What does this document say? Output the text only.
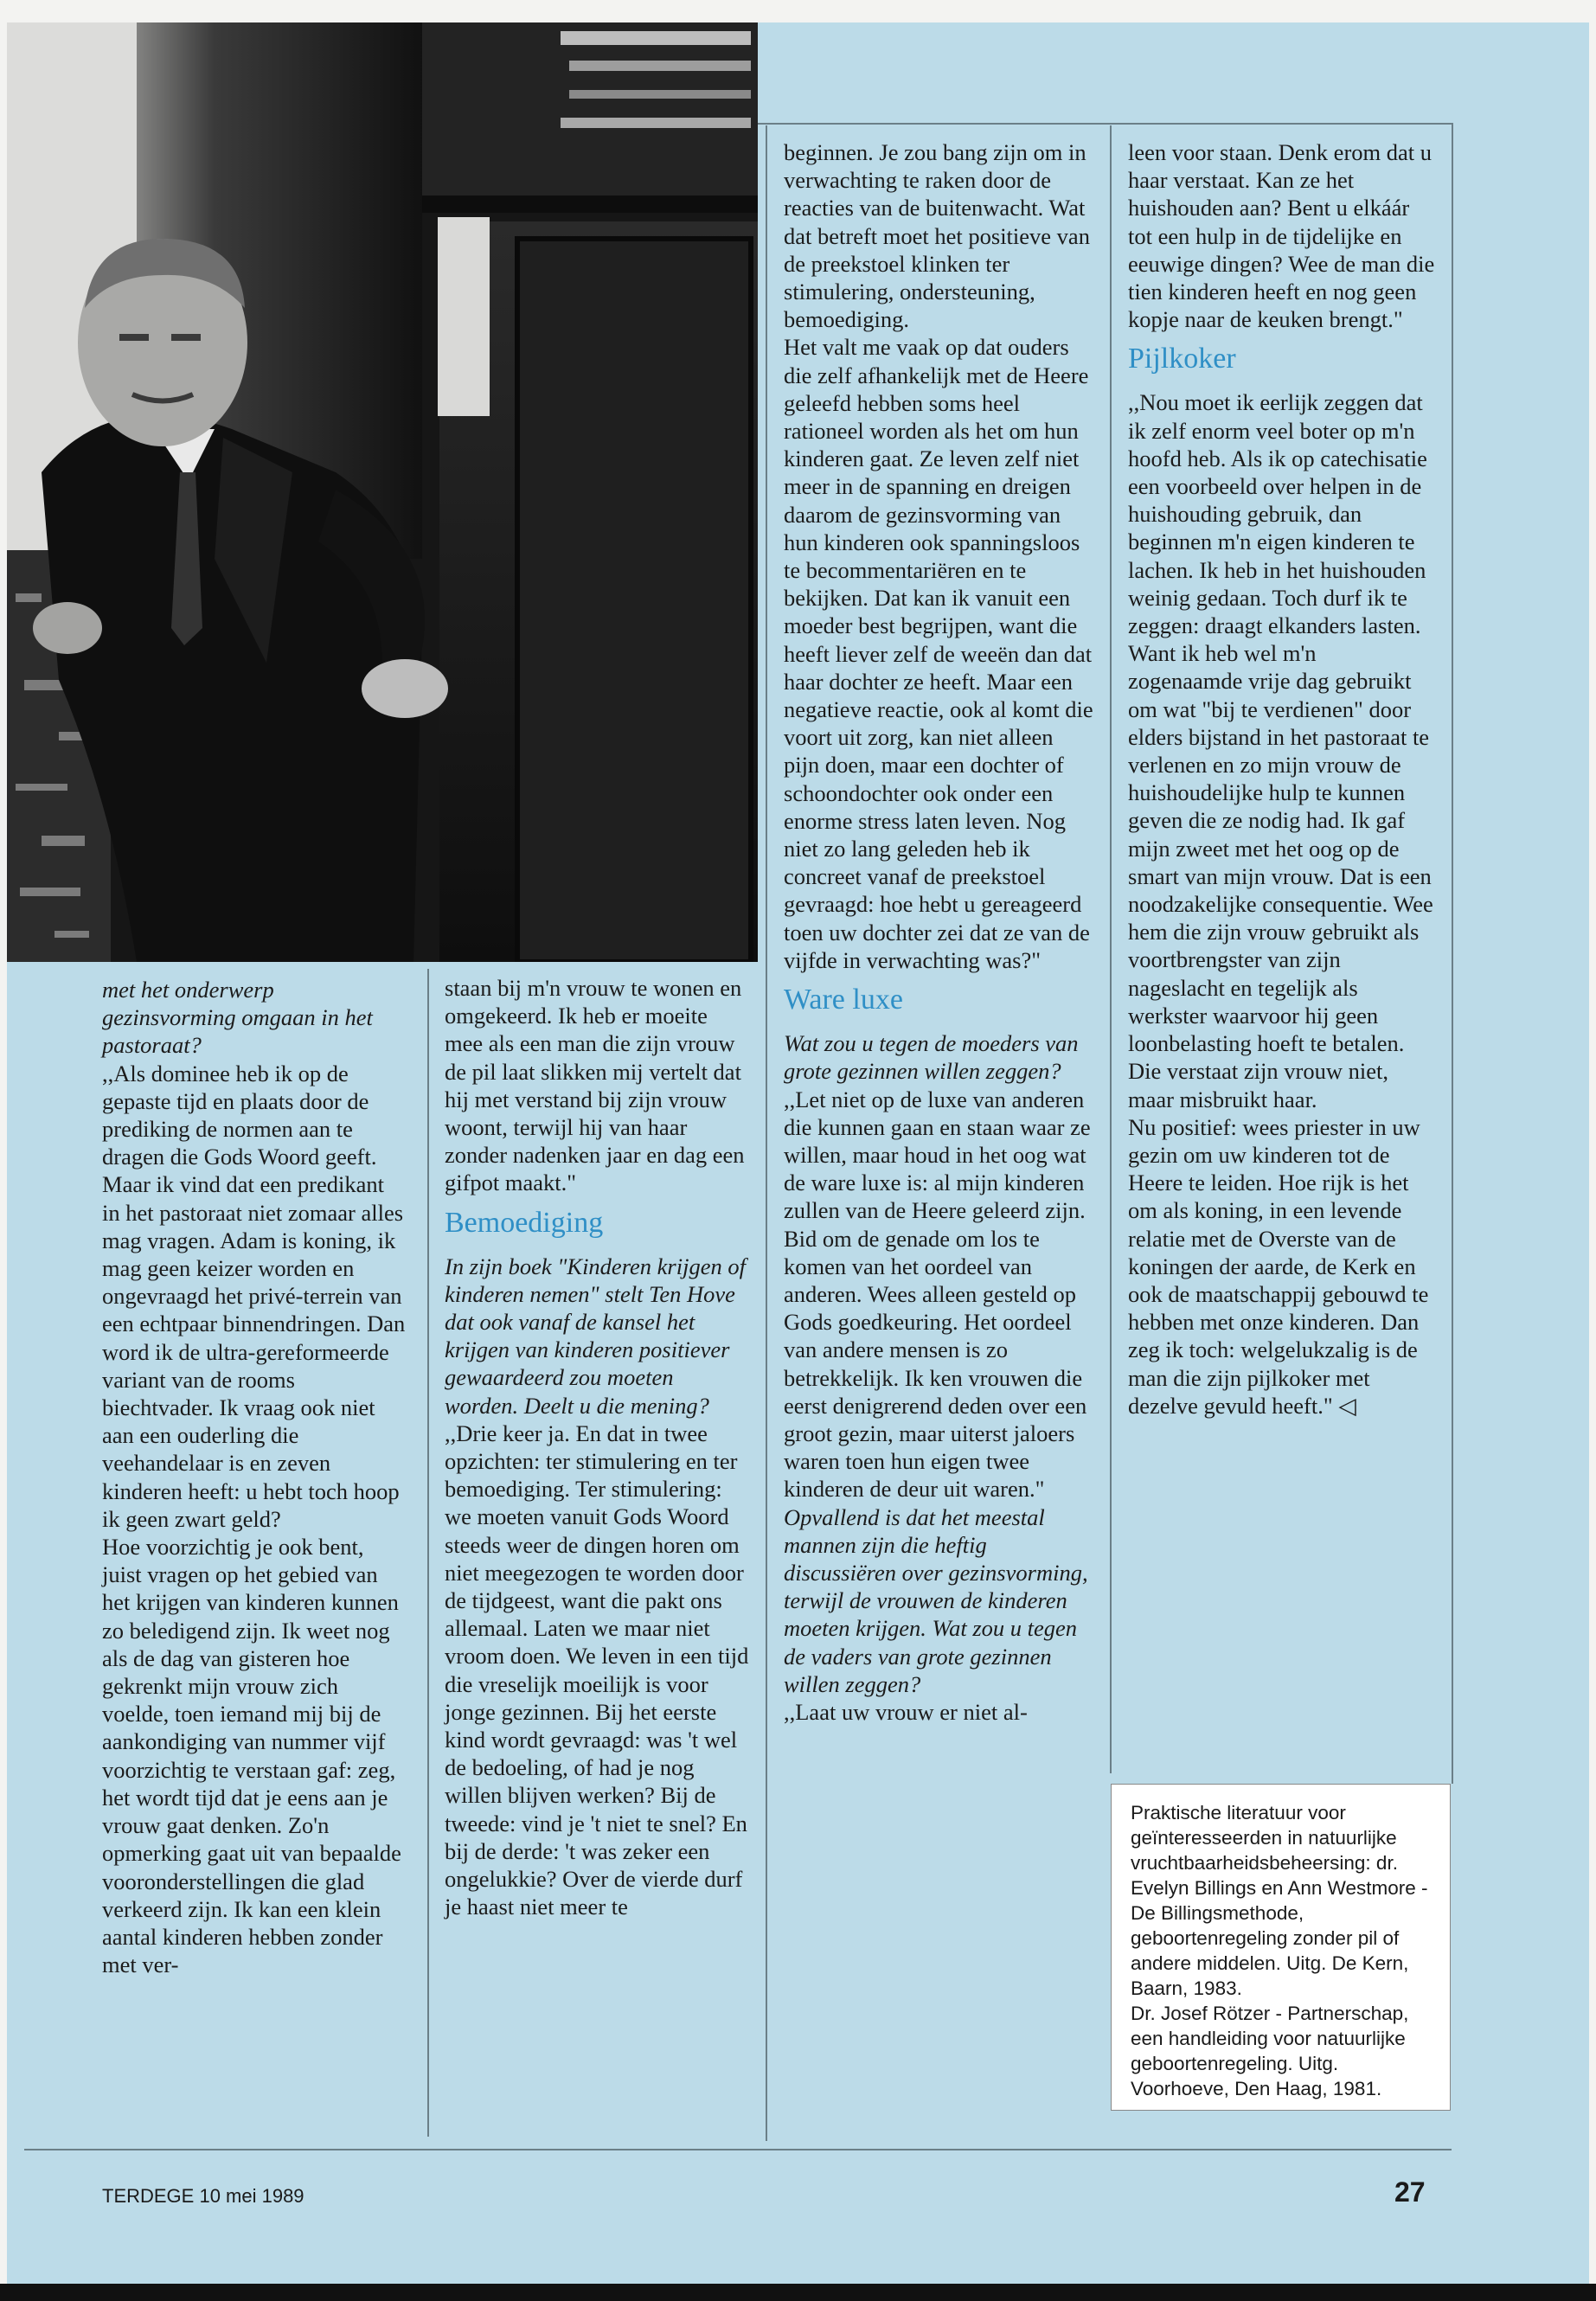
met het onderwerp gezinsvorming omgaan in het pastoraat?

,,Als dominee heb ik op de gepaste tijd en plaats door de prediking de normen aan te dragen die Gods Woord geeft. Maar ik vind dat een predikant in het pastoraat niet zomaar alles mag vragen. Adam is koning, ik mag geen keizer worden en ongevraagd het privé-terrein van een echtpaar binnendringen. Dan word ik de ultra-gereformeerde variant van de rooms biechtvader. Ik vraag ook niet aan een ouderling die veehandelaar is en zeven kinderen heeft: u hebt toch hoop ik geen zwart geld?

Hoe voorzichtig je ook bent, juist vragen op het gebied van het krijgen van kinderen kunnen zo beledigend zijn. Ik weet nog als de dag van gisteren hoe gekrenkt mijn vrouw zich voelde, toen iemand mij bij de aankondiging van nummer vijf voorzichtig te verstaan gaf: zeg, het wordt tijd dat je eens aan je vrouw gaat denken. Zo'n opmerking gaat uit van bepaalde vooronderstellingen die glad verkeerd zijn. Ik kan een klein aantal kinderen hebben zonder met ver-

staan bij m'n vrouw te wonen en omgekeerd. Ik heb er moeite mee als een man die zijn vrouw de pil laat slikken mij vertelt dat hij met verstand bij zijn vrouw woont, terwijl hij van haar zonder nadenken jaar en dag een gifpot maakt."

Bemoediging

In zijn boek "Kinderen krijgen of kinderen nemen" stelt Ten Hove dat ook vanaf de kansel het krijgen van kinderen positiever gewaardeerd zou moeten worden. Deelt u die mening?

,,Drie keer ja. En dat in twee opzichten: ter stimulering en ter bemoediging. Ter stimulering: we moeten vanuit Gods Woord steeds weer de dingen horen om niet meegezogen te worden door de tijdgeest, want die pakt ons allemaal. Laten we maar niet vroom doen. We leven in een tijd die vreselijk moeilijk is voor jonge gezinnen. Bij het eerste kind wordt gevraagd: was 't wel de bedoeling, of had je nog willen blijven werken? Bij de tweede: vind je 't niet te snel? En bij de derde: 't was zeker een ongelukkie? Over de vierde durf je haast niet meer te

beginnen. Je zou bang zijn om in verwachting te raken door de reacties van de buitenwacht. Wat dat betreft moet het positieve van de preekstoel klinken ter stimulering, ondersteuning, bemoediging.

Het valt me vaak op dat ouders die zelf afhankelijk met de Heere geleefd hebben soms heel rationeel worden als het om hun kinderen gaat. Ze leven zelf niet meer in de spanning en dreigen daarom de gezinsvorming van hun kinderen ook spanningsloos te becommentariëren en te bekijken. Dat kan ik vanuit een moeder best begrijpen, want die heeft liever zelf de weeën dan dat haar dochter ze heeft. Maar een negatieve reactie, ook al komt die voort uit zorg, kan niet alleen pijn doen, maar een dochter of schoondochter ook onder een enorme stress laten leven. Nog niet zo lang geleden heb ik concreet vanaf de preekstoel gevraagd: hoe hebt u gereageerd toen uw dochter zei dat ze van de vijfde in verwachting was?"

Ware luxe

Wat zou u tegen de moeders van grote gezinnen willen zeggen?

,,Let niet op de luxe van anderen die kunnen gaan en staan waar ze willen, maar houd in het oog wat de ware luxe is: al mijn kinderen zullen van de Heere geleerd zijn. Bid om de genade om los te komen van het oordeel van anderen. Wees alleen gesteld op Gods goedkeuring. Het oordeel van andere mensen is zo betrekkelijk. Ik ken vrouwen die eerst denigrerend deden over een groot gezin, maar uiterst jaloers waren toen hun eigen twee kinderen de deur uit waren."

Opvallend is dat het meestal mannen zijn die heftig discussiëren over gezinsvorming, terwijl de vrouwen de kinderen moeten krijgen. Wat zou u tegen de vaders van grote gezinnen willen zeggen?

,,Laat uw vrouw er niet al-

leen voor staan. Denk erom dat u haar verstaat. Kan ze het huishouden aan? Bent u elkáár tot een hulp in de tijdelijke en eeuwige dingen? Wee de man die tien kinderen heeft en nog geen kopje naar de keuken brengt."

Pijlkoker

,,Nou moet ik eerlijk zeggen dat ik zelf enorm veel boter op m'n hoofd heb. Als ik op catechisatie een voorbeeld over helpen in de huishouding gebruik, dan beginnen m'n eigen kinderen te lachen. Ik heb in het huishouden weinig gedaan. Toch durf ik te zeggen: draagt elkanders lasten. Want ik heb wel m'n zogenaamde vrije dag gebruikt om wat "bij te verdienen" door elders bijstand in het pastoraat te verlenen en zo mijn vrouw de huishoudelijke hulp te kunnen geven die ze nodig had. Ik gaf mijn zweet met het oog op de smart van mijn vrouw. Dat is een noodzakelijke consequentie. Wee hem die zijn vrouw gebruikt als voortbrengster van zijn nageslacht en tegelijk als werkster waarvoor hij geen loonbelasting hoeft te betalen. Die verstaat zijn vrouw niet, maar misbruikt haar.

Nu positief: wees priester in uw gezin om uw kinderen tot de Heere te leiden. Hoe rijk is het om als koning, in een levende relatie met de Overste van de koningen der aarde, de Kerk en ook de maatschappij gebouwd te hebben met onze kinderen. Dan zeg ik toch: welgelukzalig is de man die zijn pijlkoker met dezelve gevuld heeft." ◁

Praktische literatuur voor geïnteresseerden in natuurlijke vruchtbaarheidsbeheersing: dr. Evelyn Billings en Ann Westmore - De Billingsmethode, geboortenregeling zonder pil of andere middelen. Uitg. De Kern, Baarn, 1983.

Dr. Josef Rötzer - Partnerschap, een handleiding voor natuurlijke geboortenregeling. Uitg. Voorhoeve, Den Haag, 1981.

TERDEGE 10 mei 1989	27
